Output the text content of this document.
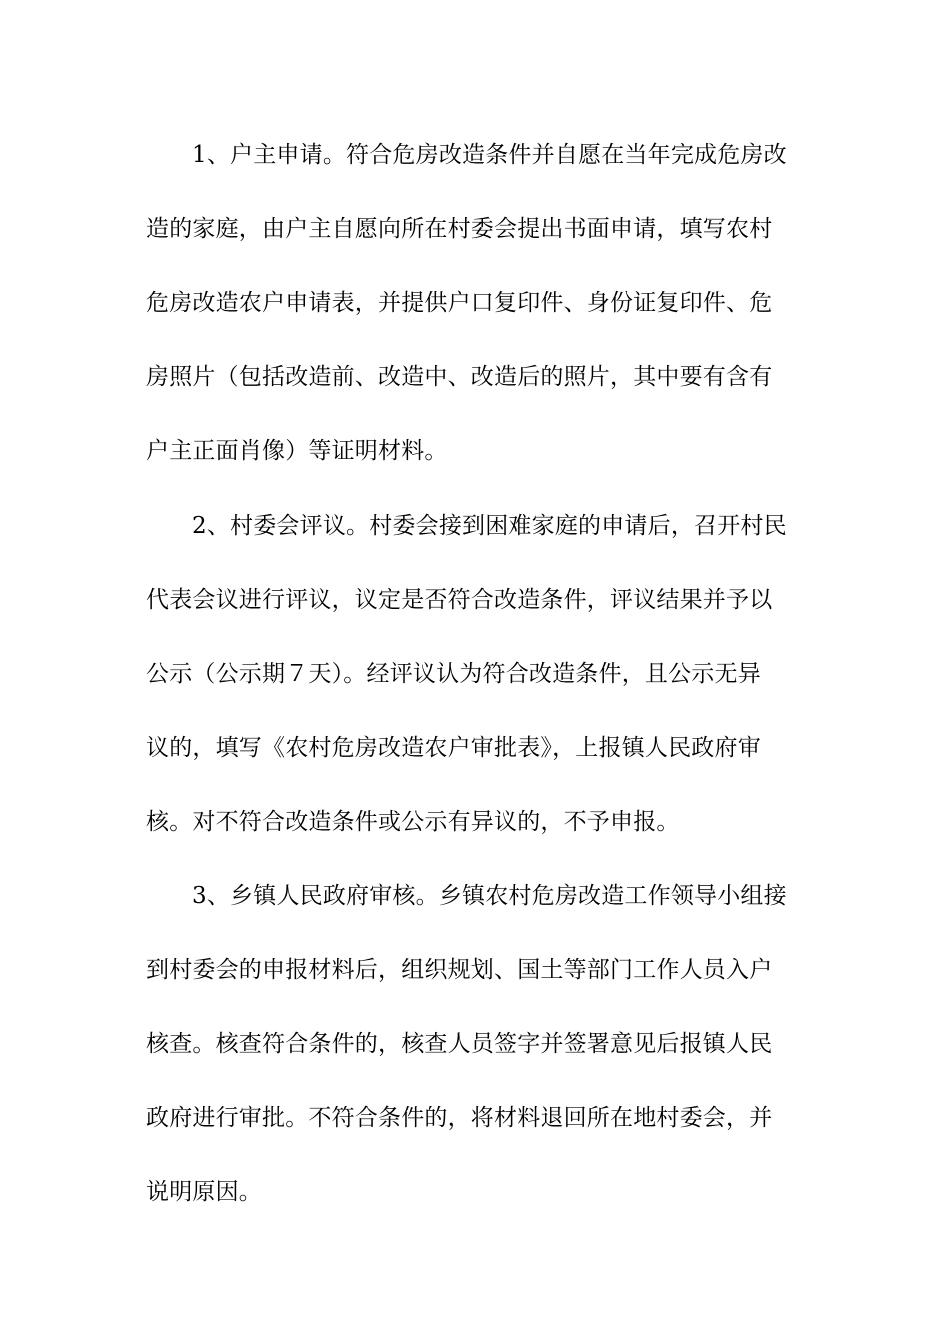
1、户主申请。符合危房改造条件并自愿在当年完成危房改
造的家庭，由户主自愿向所在村委会提出书面申请，填写农村
危房改造农户申请表，并提供户口复印件、身份证复印件、危
房照片（包括改造前、改造中、改造后的照片，其中要有含有
户主正面肖像）等证明材料。
2、村委会评议。村委会接到困难家庭的申请后，召开村民
代表会议进行评议，议定是否符合改造条件，评议结果并予以
公示（公示期７天）。经评议认为符合改造条件，且公示无异
议的，填写《农村危房改造农户审批表》，上报镇人民政府审
核。对不符合改造条件或公示有异议的，不予申报。
3、乡镇人民政府审核。乡镇农村危房改造工作领导小组接
到村委会的申报材料后，组织规划、国土等部门工作人员入户
核查。核查符合条件的，核查人员签字并签署意见后报镇人民
政府进行审批。不符合条件的，将材料退回所在地村委会，并
说明原因。
